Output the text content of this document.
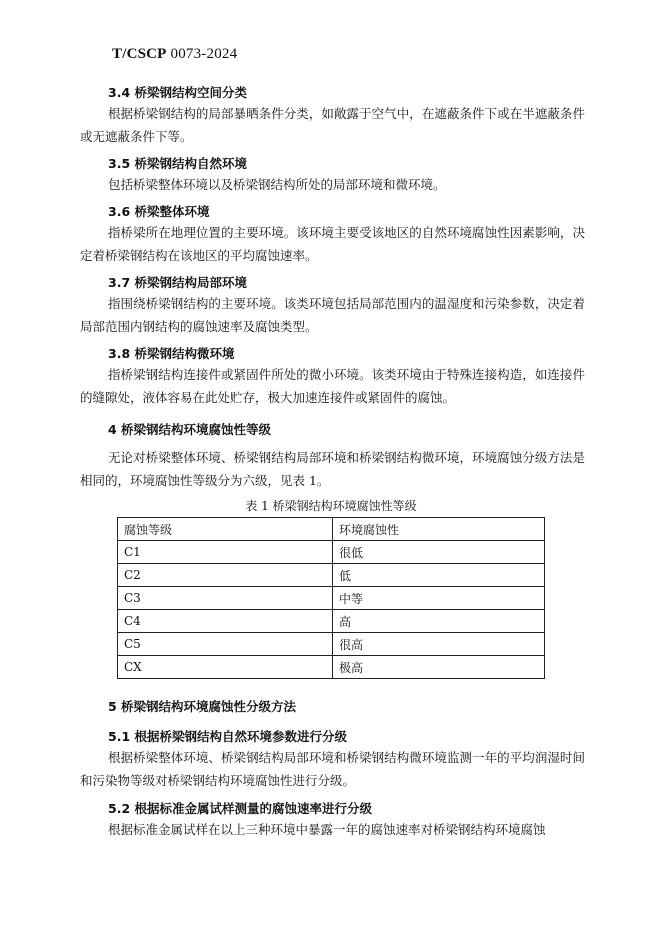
T/CSCP 0073-2024
3.4 桥梁钢结构空间分类
根据桥梁钢结构的局部暴晒条件分类，如敞露于空气中，在遮蔽条件下或在半遮蔽条件或无遮蔽条件下等。
3.5 桥梁钢结构自然环境
包括桥梁整体环境以及桥梁钢结构所处的局部环境和微环境。
3.6 桥梁整体环境
指桥梁所在地理位置的主要环境。该环境主要受该地区的自然环境腐蚀性因素影响，决定着桥梁钢结构在该地区的平均腐蚀速率。
3.7 桥梁钢结构局部环境
指围绕桥梁钢结构的主要环境。该类环境包括局部范围内的温湿度和污染参数，决定着局部范围内钢结构的腐蚀速率及腐蚀类型。
3.8 桥梁钢结构微环境
指桥梁钢结构连接件或紧固件所处的微小环境。该类环境由于特殊连接构造，如连接件的缝隙处，液体容易在此处贮存，极大加速连接件或紧固件的腐蚀。
4 桥梁钢结构环境腐蚀性等级
无论对桥梁整体环境、桥梁钢结构局部环境和桥梁钢结构微环境，环境腐蚀分级方法是相同的，环境腐蚀性等级分为六级，见表 1。
表 1 桥梁钢结构环境腐蚀性等级
腐蚀等级	环境腐蚀性
C1	很低
C2	低
C3	中等
C4	高
C5	很高
CX	极高
5 桥梁钢结构环境腐蚀性分级方法
5.1 根据桥梁钢结构自然环境参数进行分级
根据桥梁整体环境、桥梁钢结构局部环境和桥梁钢结构微环境监测一年的平均润湿时间和污染物等级对桥梁钢结构环境腐蚀性进行分级。
5.2 根据标准金属试样测量的腐蚀速率进行分级
根据标准金属试样在以上三种环境中暴露一年的腐蚀速率对桥梁钢结构环境腐蚀
